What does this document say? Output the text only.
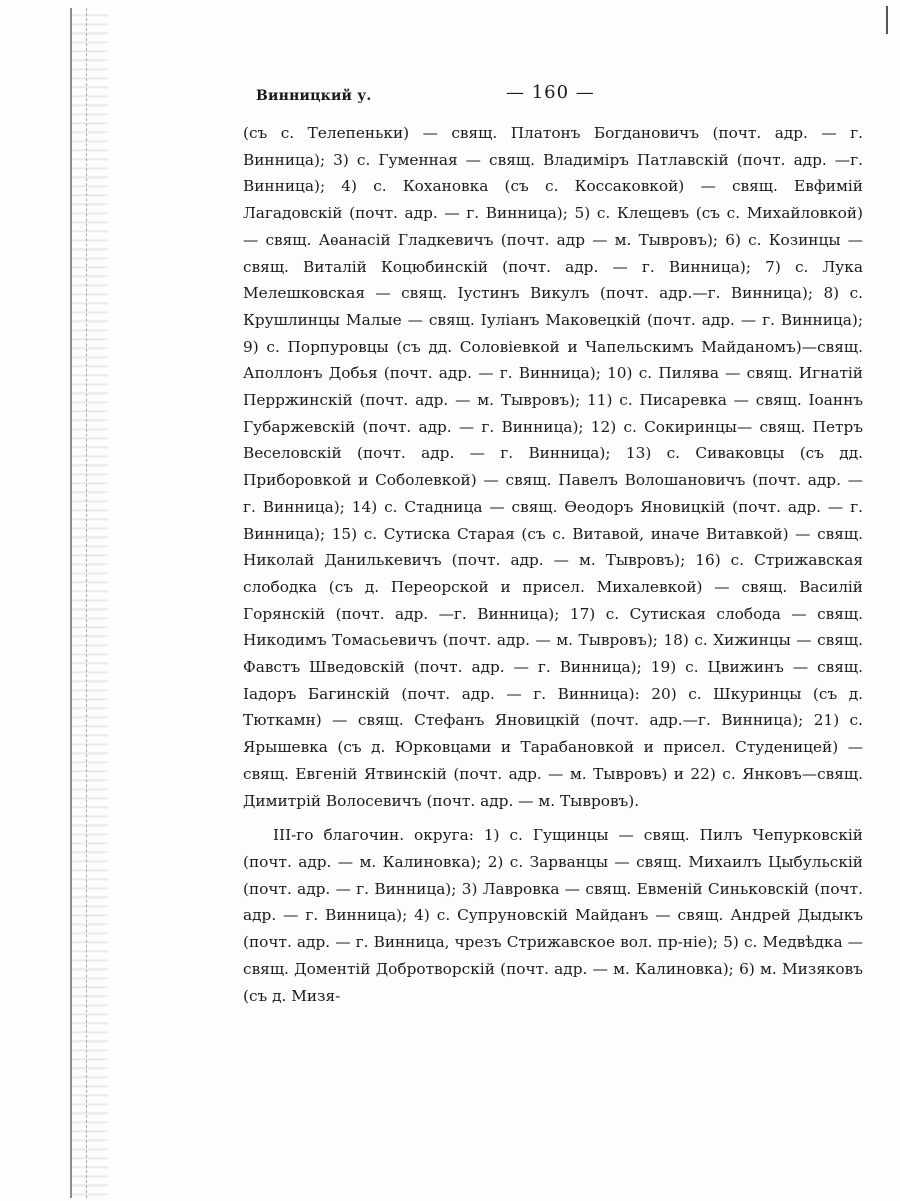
Винницкий у.	— 160 —

(съ с. Телепеньки) — свящ. Платонъ Богдановичъ (почт. адр. — г. Винница); 3) с. Гуменная — свящ. Владиміръ Патлавскій (почт. адр. —г. Винница); 4) с. Кохановка (съ с. Коссаковкой) — свящ. Евфимій Лагадовскій (почт. адр. — г. Винница); 5) с. Клещевъ (съ с. Михайловкой) — свящ. Аѳанасій Гладкевичъ (почт. адр — м. Тывровъ); 6) с. Козинцы — свящ. Виталій Коцюбинскій (почт. адр. — г. Винница); 7) с. Лука Мелешковская — свящ. Іустинъ Викулъ (почт. адр.—г. Винница); 8) с. Крушлинцы Малые — свящ. Іуліанъ Маковецкій (почт. адр. — г. Винница); 9) с. Порпуровцы (съ дд. Соловіевкой и Чапельскимъ Майданомъ)—свящ. Аполлонъ Добья (почт. адр. — г. Винница); 10) с. Пилява — свящ. Игнатій Перржинскій (почт. адр. — м. Тывровъ); 11) с. Писаревка — свящ. Іоаннъ Губаржевскій (почт. адр. — г. Винница); 12) с. Сокиринцы— свящ. Петръ Веселовскій (почт. адр. — г. Винница); 13) с. Сиваковцы (съ дд. Приборовкой и Соболевкой) — свящ. Павелъ Волошановичъ (почт. адр. — г. Винница); 14) с. Стадница — свящ. Ѳеодоръ Яновицкій (почт. адр. — г. Винница); 15) с. Сутиска Старая (съ с. Витавой, иначе Витавкой) — свящ. Николай Данилькевичъ (почт. адр. — м. Тывровъ); 16) с. Стрижавская слободка (съ д. Переорской и присел. Михалевкой) — свящ. Василій Горянскій (почт. адр. —г. Винница); 17) с. Сутиская слобода — свящ. Никодимъ Томасьевичъ (почт. адр. — м. Тывровъ); 18) с. Хижинцы — свящ. Фавстъ Шведовскій (почт. адр. — г. Винница); 19) с. Цвижинъ — свящ. Іадоръ Багинскій (почт. адр. — г. Винница): 20) с. Шкуринцы (съ д. Тюткамн) — свящ. Стефанъ Яновицкій (почт. адр.—г. Винница); 21) с. Ярышевка (съ д. Юрковцами и Тарабановкой и присел. Студеницей) — свящ. Евгеній Ятвинскій (почт. адр. — м. Тывровъ) и 22) с. Янковъ—свящ. Димитрій Волосевичъ (почт. адр. — м. Тывровъ).

III-го благочин. округа: 1) с. Гущинцы — свящ. Пилъ Чепурковскій (почт. адр. — м. Калиновка); 2) с. Зарванцы — свящ. Михаилъ Цыбульскій (почт. адр. — г. Винница); 3) Лавровка — свящ. Евменій Синьковскій (почт. адр. — г. Винница); 4) с. Супруновскій Майданъ — свящ. Андрей Дыдыкъ (почт. адр. — г. Винница, чрезъ Стрижавское вол. пр-ніе); 5) с. Медвѣдка — свящ. Доментій Добротворскій (почт. адр. — м. Калиновка); 6) м. Мизяковъ (съ д. Мизя-
